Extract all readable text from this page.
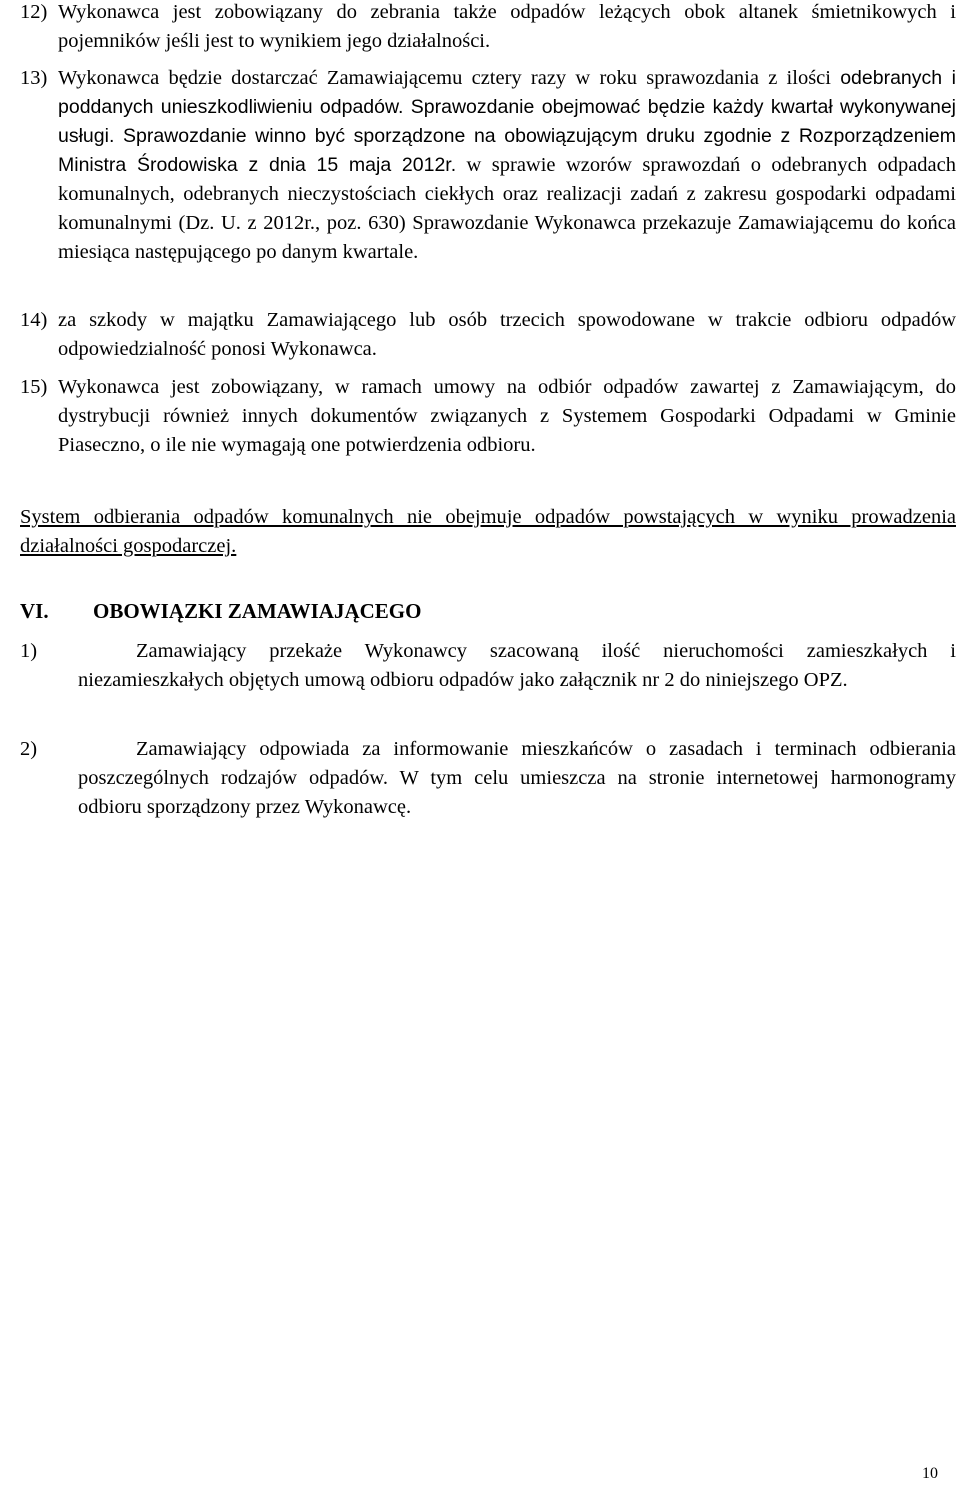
12) Wykonawca jest zobowiązany do zebrania także odpadów leżących obok altanek śmietnikowych i pojemników jeśli jest to wynikiem jego działalności.
13) Wykonawca będzie dostarczać Zamawiającemu cztery razy w roku sprawozdania z ilości odebranych i poddanych unieszkodliwieniu odpadów. Sprawozdanie obejmować będzie każdy kwartał wykonywanej usługi. Sprawozdanie winno być sporządzone na obowiązującym druku zgodnie z Rozporządzeniem Ministra Środowiska z dnia 15 maja 2012r. w sprawie wzorów sprawozdań o odebranych odpadach komunalnych, odebranych nieczystościach ciekłych oraz realizacji zadań z zakresu gospodarki odpadami komunalnymi (Dz. U. z 2012r., poz. 630) Sprawozdanie Wykonawca przekazuje Zamawiającemu do końca miesiąca następującego po danym kwartale.
14) za szkody w majątku Zamawiającego lub osób trzecich spowodowane w trakcie odbioru odpadów odpowiedzialność ponosi Wykonawca.
15) Wykonawca jest zobowiązany, w ramach umowy na odbiór odpadów zawartej z Zamawiającym, do dystrybucji również innych dokumentów związanych z Systemem Gospodarki Odpadami w Gminie Piaseczno, o ile nie wymagają one potwierdzenia odbioru.
System odbierania odpadów komunalnych nie obejmuje odpadów powstających w wyniku prowadzenia działalności gospodarczej.
VI. OBOWIĄZKI ZAMAWIAJĄCEGO
1)	Zamawiający przekaże Wykonawcy szacowaną ilość nieruchomości zamieszkałych i niezamieszkałych objętych umową odbioru odpadów jako załącznik nr 2 do niniejszego OPZ.
2)	Zamawiający odpowiada za informowanie mieszkańców o zasadach i terminach odbierania poszczególnych rodzajów odpadów. W tym celu umieszcza na stronie internetowej harmonogramy odbioru sporządzony przez Wykonawcę.
10
